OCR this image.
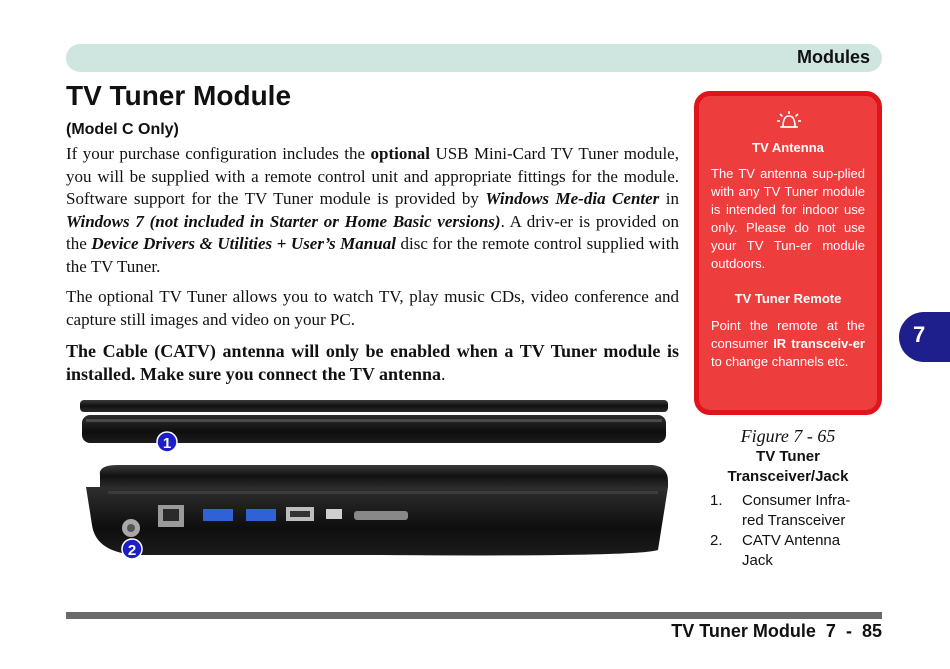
Modules
TV Tuner Module
(Model C Only)

If your purchase configuration includes the optional USB Mini-Card TV Tuner module, you will be supplied with a remote control unit and appropriate fittings for the module. Software support for the TV Tuner module is provided by Windows Me-dia Center in Windows 7 (not included in Starter or Home Basic versions). A driv-er is provided on the Device Drivers & Utilities + User’s Manual disc for the remote control supplied with the TV Tuner.

The optional TV Tuner allows you to watch TV, play music CDs, video conference and capture still images and video on your PC.

The Cable (CATV) antenna will only be enabled when a TV Tuner module is installed. Make sure you connect the TV antenna.

TV Antenna

The TV antenna sup-plied with any TV Tuner module is intended for indoor use only. Please do not use your TV Tun-er module outdoors.

TV Tuner Remote

Point the remote at the consumer IR transceiv-er to change channels etc.

1
2
Figure 7 - 65
TV Tuner
Transceiver/Jack
1. Consumer Infra-red Transceiver
2. CATV Antenna Jack
7
TV Tuner Module 7 - 85
